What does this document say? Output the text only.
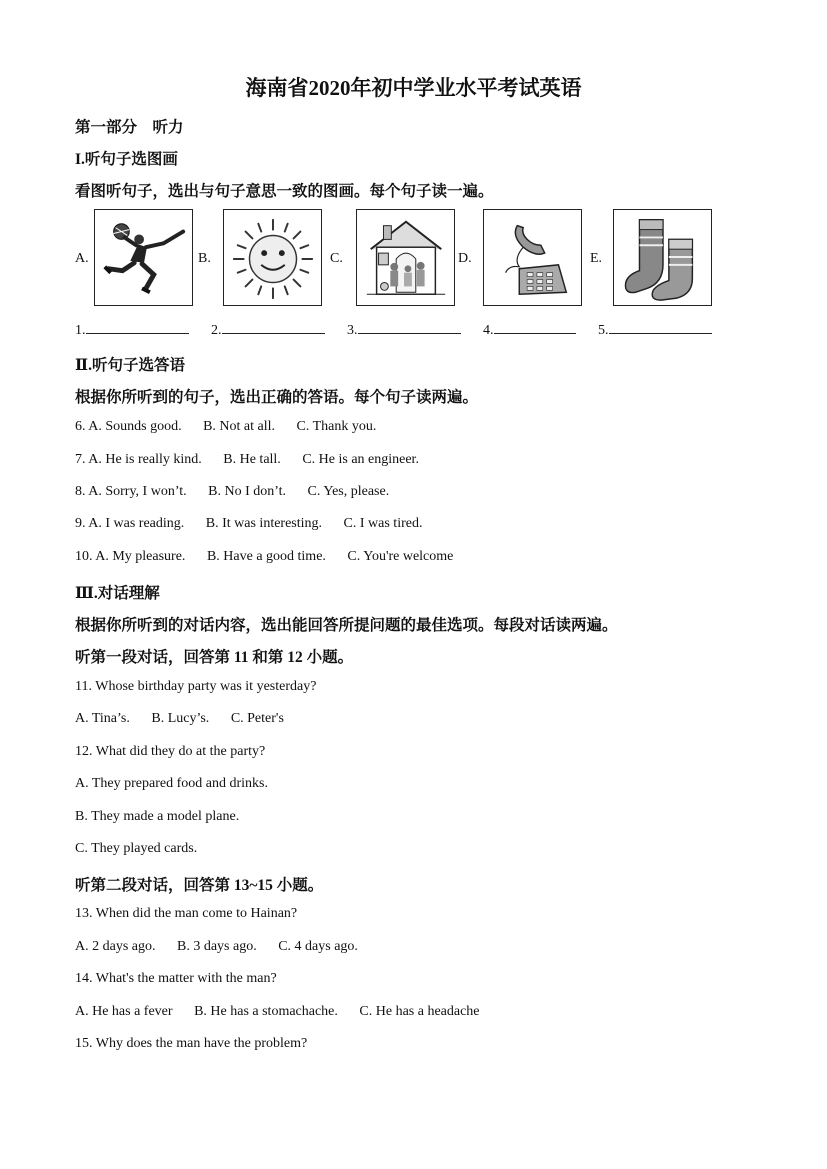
海南省2020年初中学业水平考试英语
第一部分　听力
I.听句子选图画
看图听句子，选出与句子意思一致的图画。每个句子读一遍。
A.	B.	C.	D.	E.
1.	2.	3.	4.	5.
Ⅱ.听句子选答语
根据你所听到的句子，选出正确的答语。每个句子读两遍。
6. A. Sounds good. B. Not at all. C. Thank you.
7. A. He is really kind. B. He tall. C. He is an engineer.
8. A. Sorry, I won’t. B. No I don’t. C. Yes, please.
9. A. I was reading. B. It was interesting. C. I was tired.
10. A. My pleasure. B. Have a good time. C. You're welcome
Ⅲ.对话理解
根据你所听到的对话内容，选出能回答所提问题的最佳选项。每段对话读两遍。
听第一段对话，回答第 11 和第 12 小题。
11. Whose birthday party was it yesterday?
A. Tina’s. B. Lucy’s. C. Peter's
12. What did they do at the party?
A. They prepared food and drinks.
B. They made a model plane.
C. They played cards.
听第二段对话，回答第 13~15 小题。
13. When did the man come to Hainan?
A. 2 days ago. B. 3 days ago. C. 4 days ago.
14. What's the matter with the man?
A. He has a fever B. He has a stomachache. C. He has a headache
15. Why does the man have the problem?
